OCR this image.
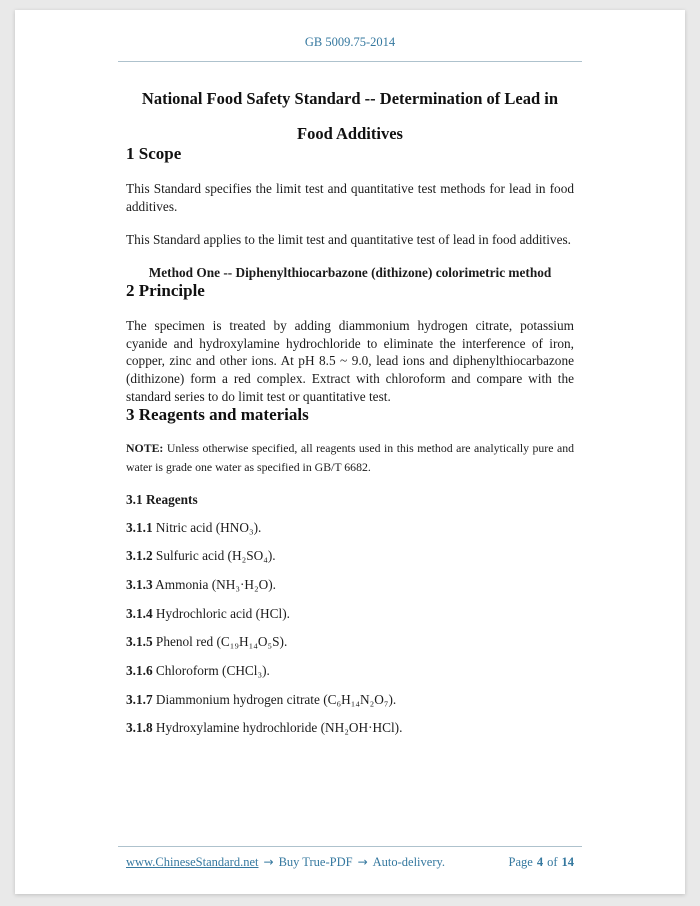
GB 5009.75-2014
National Food Safety Standard -- Determination of Lead in
Food Additives
1 Scope

This Standard specifies the limit test and quantitative test methods for lead in food additives.

This Standard applies to the limit test and quantitative test of lead in food additives.

Method One -- Diphenylthiocarbazone (dithizone) colorimetric method

2 Principle

The specimen is treated by adding diammonium hydrogen citrate, potassium cyanide and hydroxylamine hydrochloride to eliminate the interference of iron, copper, zinc and other ions. At pH 8.5 ~ 9.0, lead ions and diphenylthiocarbazone (dithizone) form a red complex. Extract with chloroform and compare with the standard series to do limit test or quantitative test.

3 Reagents and materials

NOTE: Unless otherwise specified, all reagents used in this method are analytically pure and water is grade one water as specified in GB/T 6682.

3.1 Reagents

3.1.1 Nitric acid (HNO₃).

3.1.2 Sulfuric acid (H₂SO₄).

3.1.3 Ammonia (NH₃·H₂O).

3.1.4 Hydrochloric acid (HCl).

3.1.5 Phenol red (C₁₉H₁₄O₅S).

3.1.6 Chloroform (CHCl₃).

3.1.7 Diammonium hydrogen citrate (C₆H₁₄N₂O₇).

3.1.8 Hydroxylamine hydrochloride (NH₂OH·HCl).

www.ChineseStandard.net → Buy True-PDF → Auto-delivery.	Page 4 of 14
